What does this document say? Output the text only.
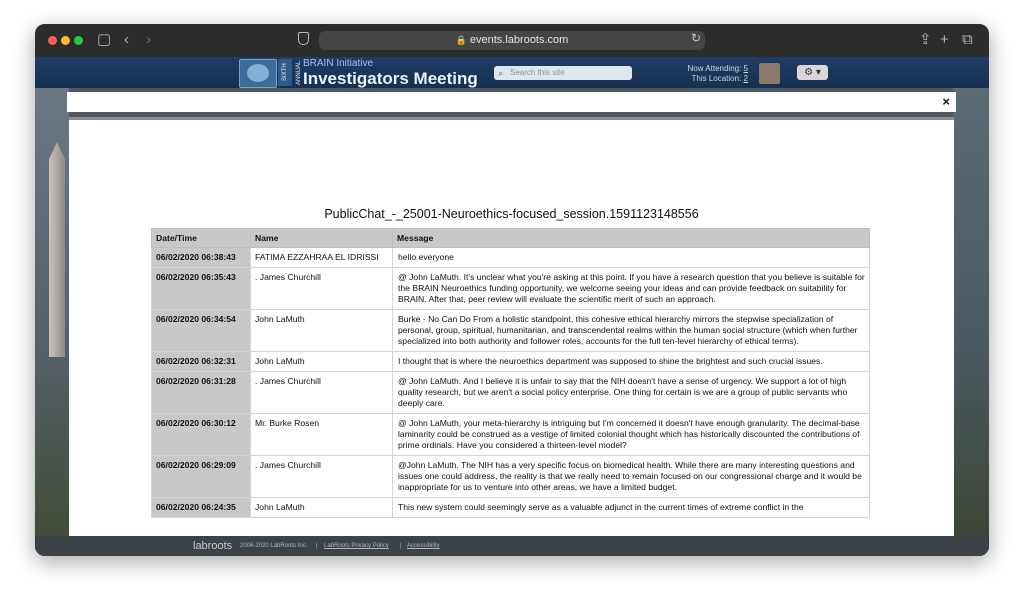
▢ ‹ ›	🔒 events.labroots.com	↻	⇪ + ⧉
SIXTH ANNUAL BRAIN Initiative
Investigators Meeting ⌕ Search this site	Now Attending: 5
This Location: 2
⚙ ▾
×
PublicChat_-_25001-Neuroethics-focused_session.1591123148556
Date/Time	Name	Message
06/02/2020 06:38:43	FATIMA EZZAHRAA EL IDRISSI	hello everyone
06/02/2020 06:35:43	. James Churchill	@ John LaMuth. It's unclear what you're asking at this point. If you have a research question that you believe is suitable for the BRAIN Neuroethics funding opportunity, we welcome seeing your ideas and can provide feedback on suitability for BRAIN. After that, peer review will evaluate the scientific merit of such an approach.
06/02/2020 06:34:54	John LaMuth	Burke - No Can Do From a holistic standpoint, this cohesive ethical hierarchy mirrors the stepwise specialization of personal, group, spiritual, humanitarian, and transcendental realms within the human social structure (which when further specialized into both authority and follower roles, accounts for the full ten-level hierarchy of ethical terms).
06/02/2020 06:32:31	John LaMuth	I thought that is where the neuroethics department was supposed to shine the brightest and such crucial issues.
06/02/2020 06:31:28	. James Churchill	@ John LaMuth. And I believe it is unfair to say that the NIH doesn't have a sense of urgency. We support a lot of high quality research, but we aren't a social policy enterprise. One thing for certain is we are a group of public servants who deeply care.
06/02/2020 06:30:12	Mr. Burke Rosen	@ John LaMuth, your meta-hierarchy is intriguing but I'm concerned it doesn't have enough granularity. The decimal-base laminarity could be construed as a vestige of limited colonial thought which has historically discounted the contributions of prime ordinals. Have you considered a thirteen-level model?
06/02/2020 06:29:09	. James Churchill	@John LaMuth. The NIH has a very specific focus on biomedical health. While there are many interesting questions and issues one could address, the reality is that we really need to remain focused on our congressional charge and it would be inappropriate for us to venture into other areas, we have a limited budget.
06/02/2020 06:24:35	John LaMuth	This new system could seemingly serve as a valuable adjunct in the current times of extreme conflict in the
labroots 2006-2020 LabRoots Inc. | LabRoots Privacy Policy | Accessibility
